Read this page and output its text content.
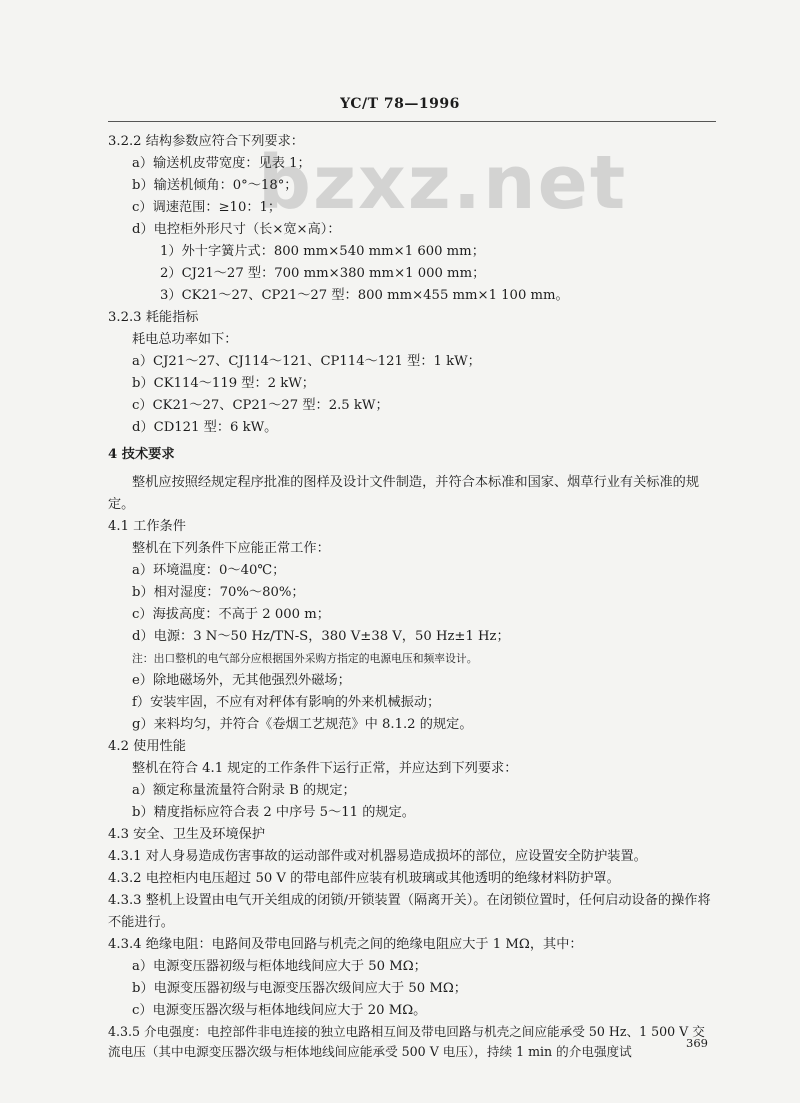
YC/T 78—1996
bzxz.net
3.2.2 结构参数应符合下列要求：
a）输送机皮带宽度：见表 1；
b）输送机倾角：0°～18°；
c）调速范围：≥10：1；
d）电控柜外形尺寸（长×宽×高）：
1）外十字簧片式：800 mm×540 mm×1 600 mm；
2）CJ21～27 型：700 mm×380 mm×1 000 mm；
3）CK21～27、CP21～27 型：800 mm×455 mm×1 100 mm。
3.2.3 耗能指标
耗电总功率如下：
a）CJ21～27、CJ114～121、CP114～121 型：1 kW；
b）CK114～119 型：2 kW；
c）CK21～27、CP21～27 型：2.5 kW；
d）CD121 型：6 kW。
4 技术要求
整机应按照经规定程序批准的图样及设计文件制造，并符合本标准和国家、烟草行业有关标准的规定。
4.1 工作条件
整机在下列条件下应能正常工作：
a）环境温度：0～40℃；
b）相对湿度：70%～80%；
c）海拔高度：不高于 2 000 m；
d）电源：3 N～50 Hz/TN-S，380 V±38 V，50 Hz±1 Hz；
注：出口整机的电气部分应根据国外采购方指定的电源电压和频率设计。
e）除地磁场外，无其他强烈外磁场；
f）安装牢固，不应有对秤体有影响的外来机械振动；
g）来料均匀，并符合《卷烟工艺规范》中 8.1.2 的规定。
4.2 使用性能
整机在符合 4.1 规定的工作条件下运行正常，并应达到下列要求：
a）额定称量流量符合附录 B 的规定；
b）精度指标应符合表 2 中序号 5～11 的规定。
4.3 安全、卫生及环境保护
4.3.1 对人身易造成伤害事故的运动部件或对机器易造成损坏的部位，应设置安全防护装置。
4.3.2 电控柜内电压超过 50 V 的带电部件应装有机玻璃或其他透明的绝缘材料防护罩。
4.3.3 整机上设置由电气开关组成的闭锁/开锁装置（隔离开关）。在闭锁位置时，任何启动设备的操作将不能进行。
4.3.4 绝缘电阻：电路间及带电回路与机壳之间的绝缘电阻应大于 1 MΩ，其中：
a）电源变压器初级与柜体地线间应大于 50 MΩ；
b）电源变压器初级与电源变压器次级间应大于 50 MΩ；
c）电源变压器次级与柜体地线间应大于 20 MΩ。
4.3.5 介电强度：电控部件非电连接的独立电路相互间及带电回路与机壳之间应能承受 50 Hz、1 500 V 交流电压（其中电源变压器次级与柜体地线间应能承受 500 V 电压），持续 1 min 的介电强度试
369
